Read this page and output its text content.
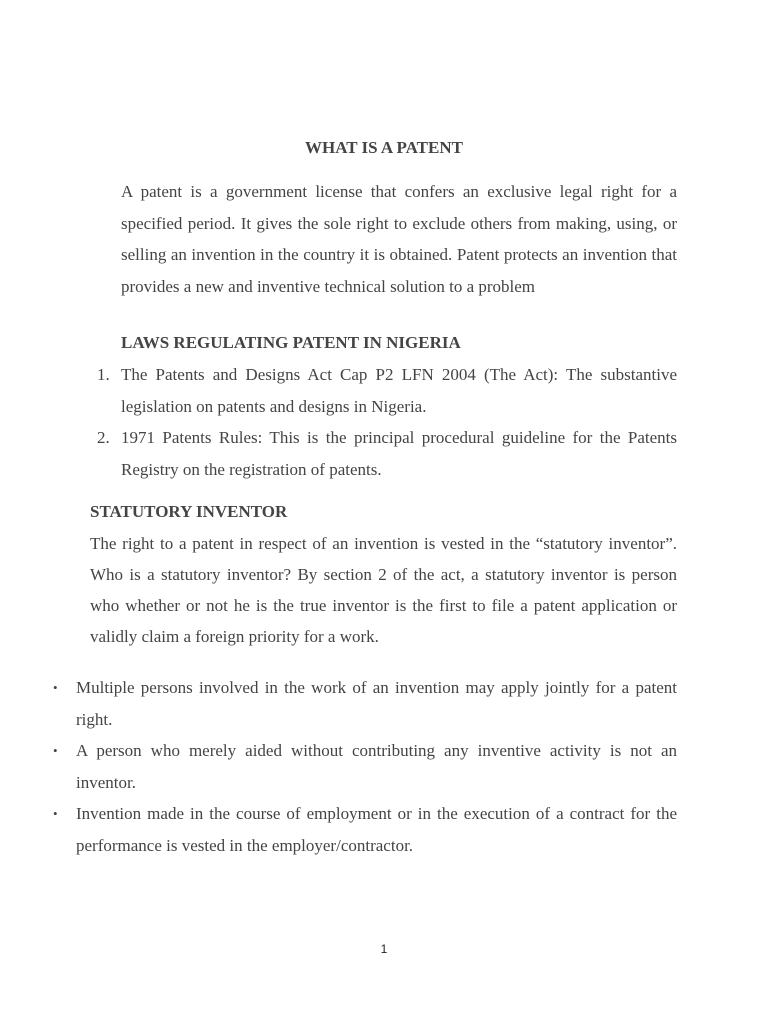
WHAT IS A PATENT

A patent is a government license that confers an exclusive legal right for a specified period. It gives the sole right to exclude others from making, using, or selling an invention in the country it is obtained. Patent protects an invention that provides a new and inventive technical solution to a problem

LAWS REGULATING PATENT IN NIGERIA
1. The Patents and Designs Act Cap P2 LFN 2004 (The Act): The substantive legislation on patents and designs in Nigeria.
2. 1971 Patents Rules: This is the principal procedural guideline for the Patents Registry on the registration of patents.
STATUTORY INVENTOR

The right to a patent in respect of an invention is vested in the “statutory inventor”. Who is a statutory inventor? By section 2 of the act, a statutory inventor is person who whether or not he is the true inventor is the first to file a patent application or validly claim a foreign priority for a work.

• Multiple persons involved in the work of an invention may apply jointly for a patent right.
• A person who merely aided without contributing any inventive activity is not an inventor.
• Invention made in the course of employment or in the execution of a contract for the performance is vested in the employer/contractor.
1
